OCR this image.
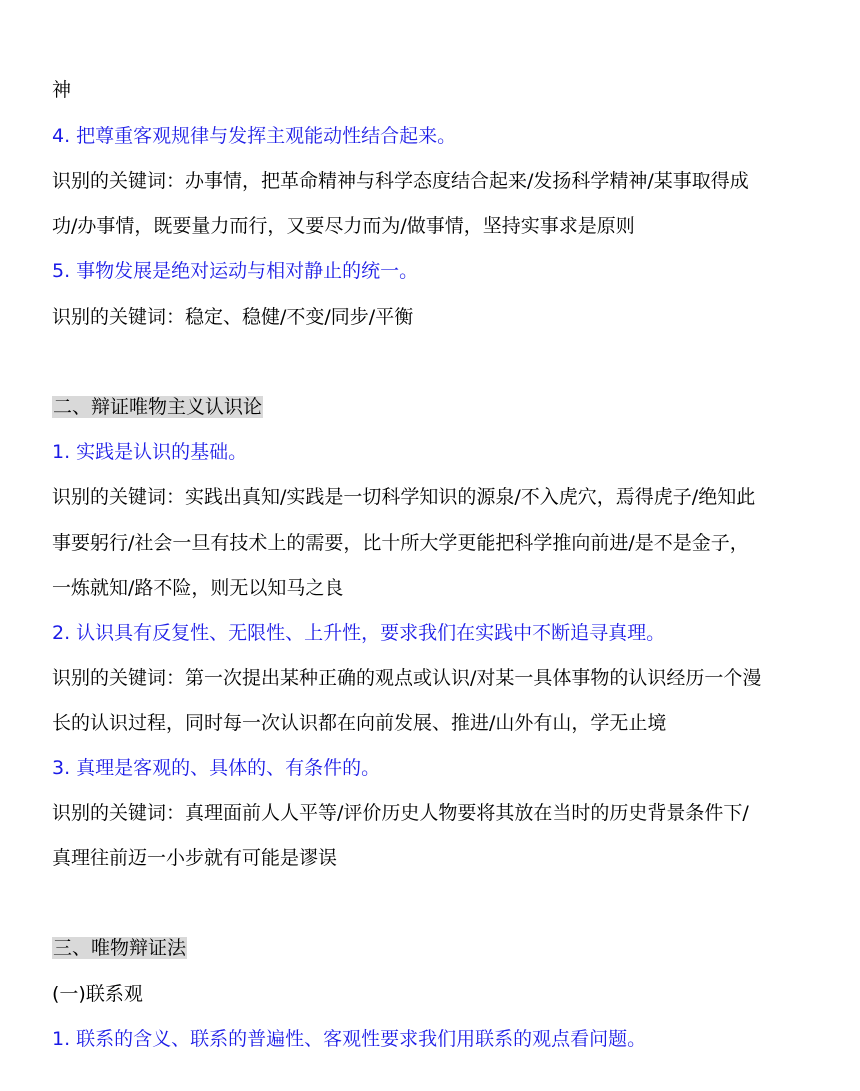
神
4. 把尊重客观规律与发挥主观能动性结合起来。
识别的关键词：办事情，把革命精神与科学态度结合起来/发扬科学精神/某事取得成
功/办事情，既要量力而行，又要尽力而为/做事情，坚持实事求是原则
5. 事物发展是绝对运动与相对静止的统一。
识别的关键词：稳定、稳健/不变/同步/平衡
二、辩证唯物主义认识论
1. 实践是认识的基础。
识别的关键词：实践出真知/实践是一切科学知识的源泉/不入虎穴，焉得虎子/绝知此
事要躬行/社会一旦有技术上的需要，比十所大学更能把科学推向前进/是不是金子，
一炼就知/路不险，则无以知马之良
2. 认识具有反复性、无限性、上升性，要求我们在实践中不断追寻真理。
识别的关键词：第一次提出某种正确的观点或认识/对某一具体事物的认识经历一个漫
长的认识过程，同时每一次认识都在向前发展、推进/山外有山，学无止境
3. 真理是客观的、具体的、有条件的。
识别的关键词：真理面前人人平等/评价历史人物要将其放在当时的历史背景条件下/
真理往前迈一小步就有可能是谬误
三、唯物辩证法
(一)联系观
1. 联系的含义、联系的普遍性、客观性要求我们用联系的观点看问题。
